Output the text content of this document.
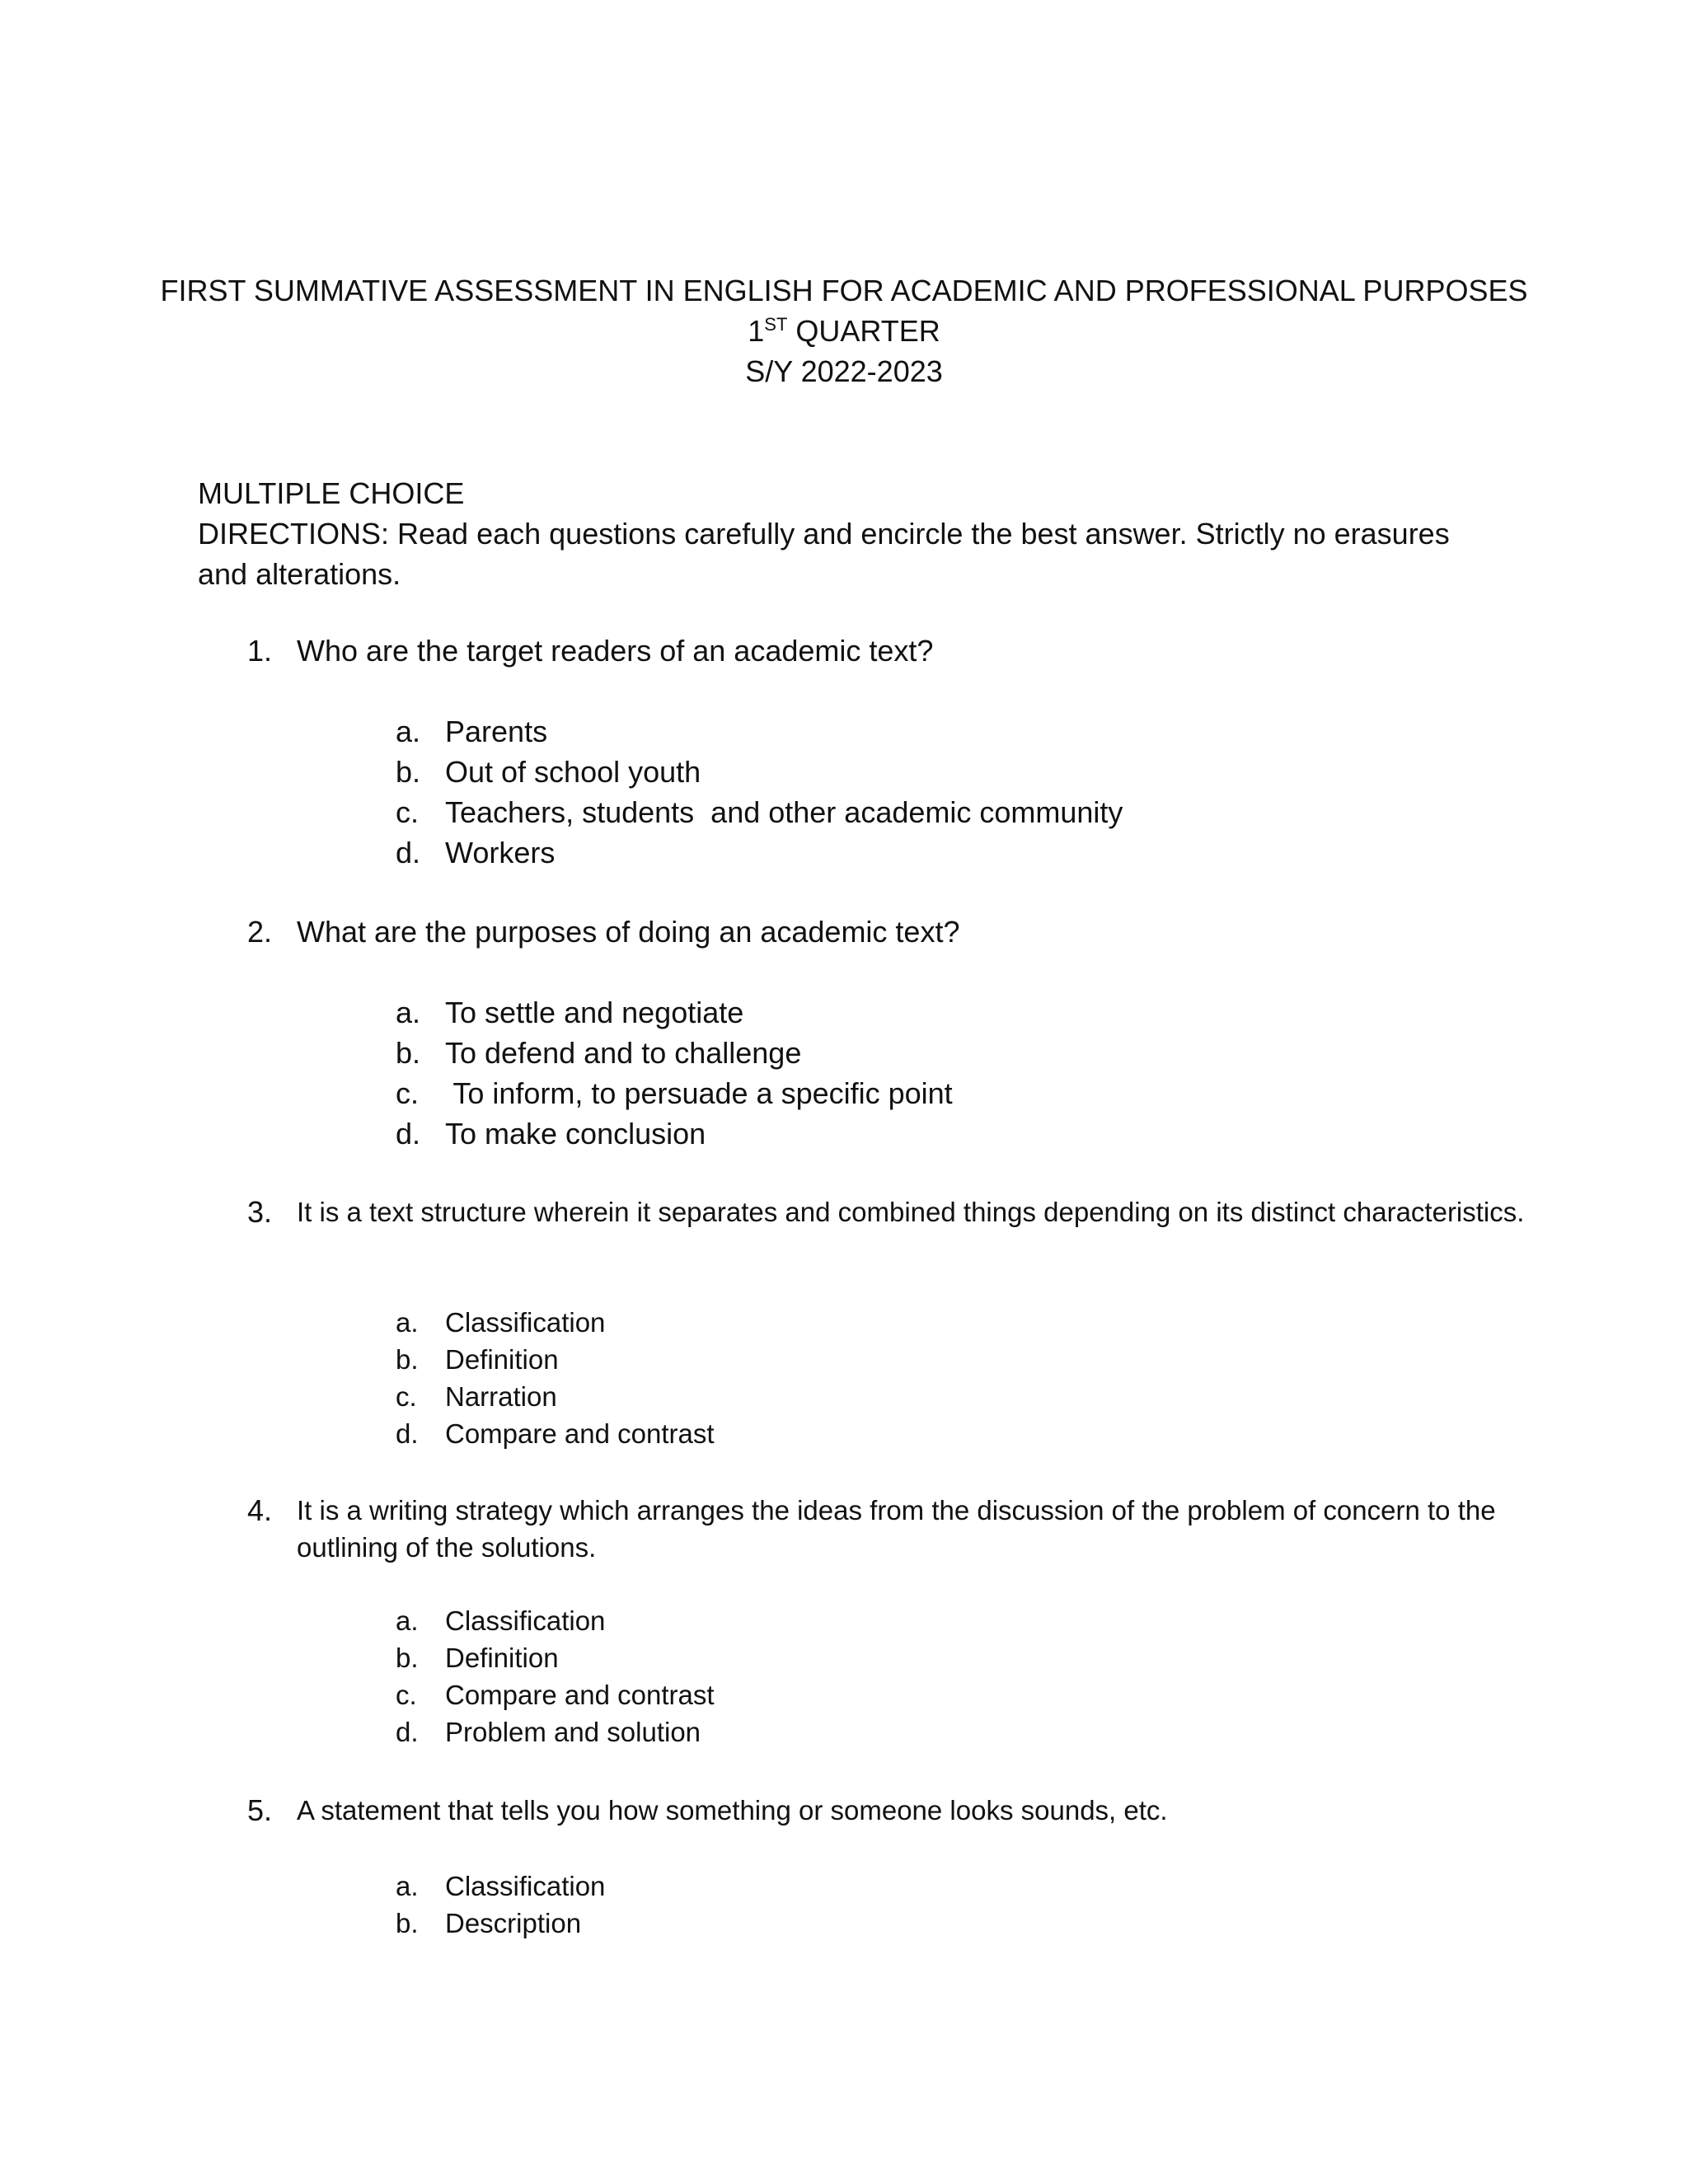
FIRST SUMMATIVE ASSESSMENT IN ENGLISH FOR ACADEMIC AND PROFESSIONAL PURPOSES
1ST QUARTER
S/Y 2022-2023
MULTIPLE CHOICE
DIRECTIONS: Read each questions carefully and encircle the best answer. Strictly no erasures and alterations.
1. Who are the target readers of an academic text?
a. Parents
b. Out of school youth
c. Teachers, students  and other academic community
d. Workers
2. What are the purposes of doing an academic text?
a. To settle and negotiate
b. To defend and to challenge
c. To inform, to persuade a specific point
d. To make conclusion
3. It is a text structure wherein it separates and combined things depending on its distinct characteristics.
a. Classification
b. Definition
c. Narration
d. Compare and contrast
4. It is a writing strategy which arranges the ideas from the discussion of the problem of concern to the outlining of the solutions.
a. Classification
b. Definition
c. Compare and contrast
d. Problem and solution
5. A statement that tells you how something or someone looks sounds, etc.
a. Classification
b. Description
